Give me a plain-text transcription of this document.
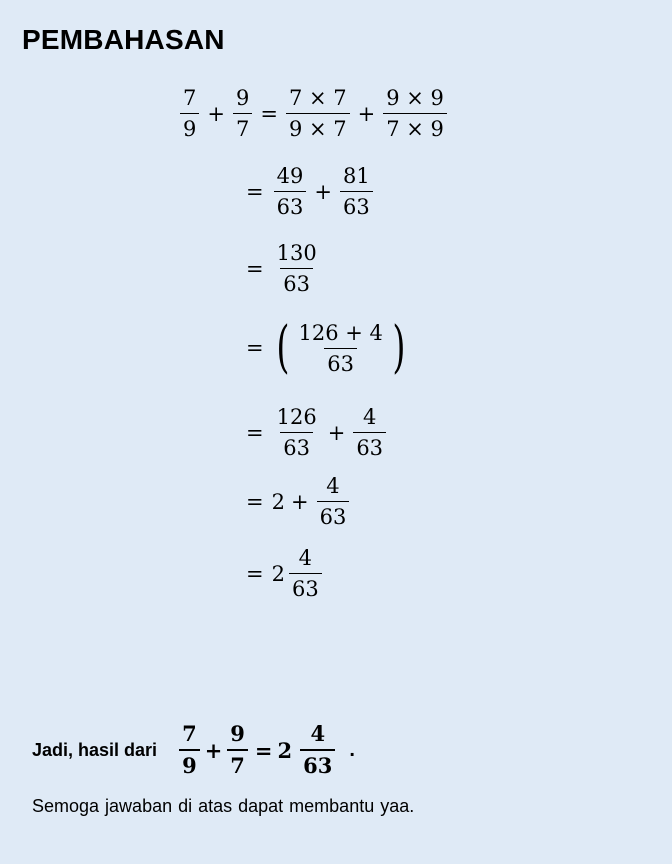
PEMBAHASAN
$\frac{7}{9} + \frac{9}{7} = \frac{7 \times 7}{9 \times 7} + \frac{9 \times 9}{7 \times 9}$
= $\frac{49}{63} + \frac{81}{63}$
= $\frac{130}{63}$
= ( $\frac{126 + 4}{63}$ )
= $\frac{126}{63} + \frac{4}{63}$
= $2 + \frac{4}{63}$
= $2 \frac{4}{63}$
Jadi, hasil dari $\frac{7}{9} + \frac{9}{7} = 2 \frac{4}{63}$ .
Semoga jawaban di atas dapat membantu yaa.
